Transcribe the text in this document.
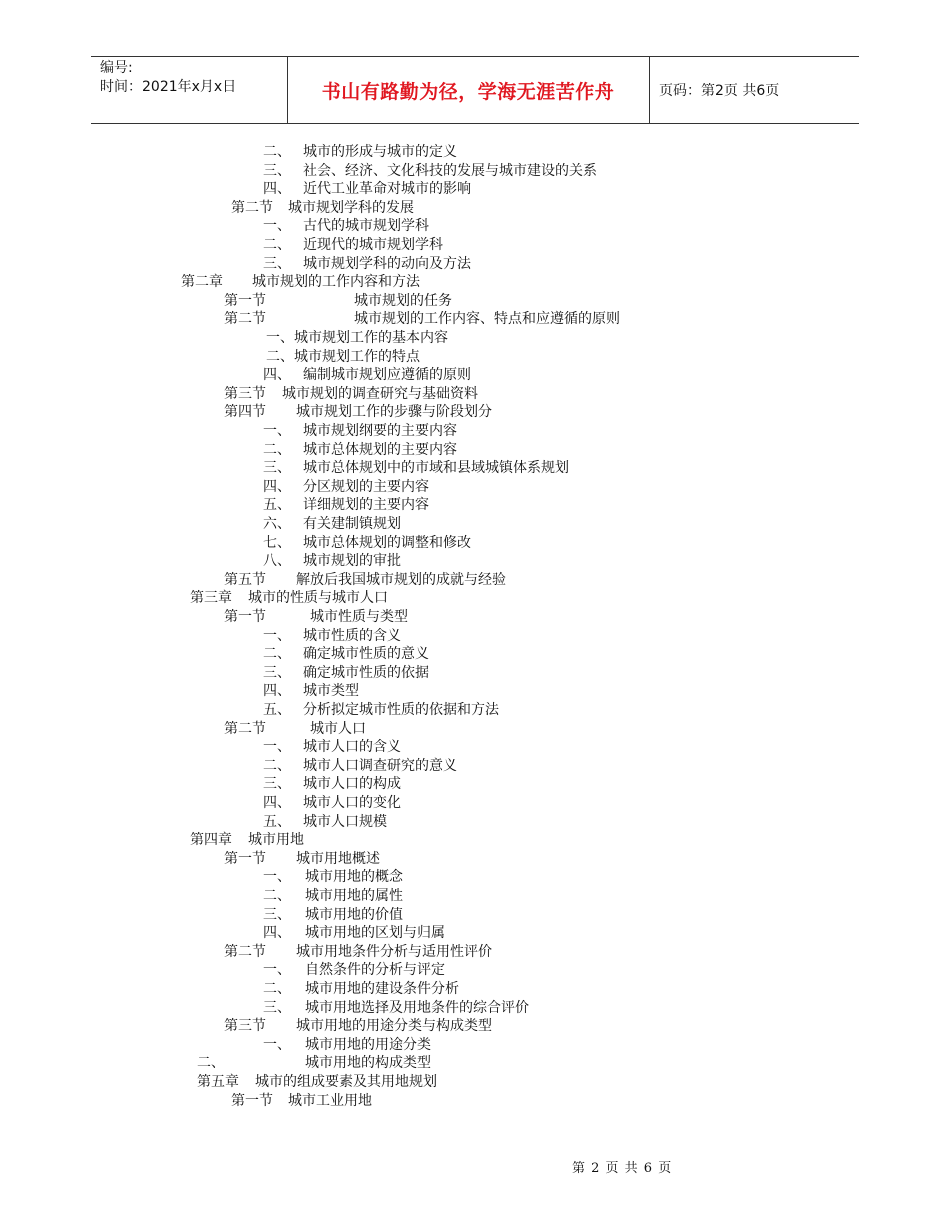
编号:
时间：2021年x月x日	书山有路勤为径，学海无涯苦作舟	页码：第2页 共6页
二、 城市的形成与城市的定义
三、 社会、经济、文化科技的发展与城市建设的关系
四、 近代工业革命对城市的影响
第二节 城市规划学科的发展
一、 古代的城市规划学科
二、 近现代的城市规划学科
三、 城市规划学科的动向及方法
第二章 城市规划的工作内容和方法
第一节	城市规划的任务
第二节	城市规划的工作内容、特点和应遵循的原则
一、城市规划工作的基本内容
二、城市规划工作的特点
四、 编制城市规划应遵循的原则
第三节 城市规划的调查研究与基础资料
第四节 城市规划工作的步骤与阶段划分
一、 城市规划纲要的主要内容
二、 城市总体规划的主要内容
三、 城市总体规划中的市域和县域城镇体系规划
四、 分区规划的主要内容
五、 详细规划的主要内容
六、 有关建制镇规划
七、 城市总体规划的调整和修改
八、 城市规划的审批
第五节 解放后我国城市规划的成就与经验
第三章 城市的性质与城市人口
第一节	城市性质与类型
一、 城市性质的含义
二、 确定城市性质的意义
三、 确定城市性质的依据
四、 城市类型
五、 分析拟定城市性质的依据和方法
第二节	城市人口
一、 城市人口的含义
二、 城市人口调查研究的意义
三、 城市人口的构成
四、 城市人口的变化
五、 城市人口规模
第四章 城市用地
第一节 城市用地概述
一、 城市用地的概念
二、 城市用地的属性
三、 城市用地的价值
四、 城市用地的区划与归属
第二节 城市用地条件分析与适用性评价
一、 自然条件的分析与评定
二、 城市用地的建设条件分析
三、 城市用地选择及用地条件的综合评价
第三节 城市用地的用途分类与构成类型
一、 城市用地的用途分类
二、	城市用地的构成类型
第五章 城市的组成要素及其用地规划
第一节 城市工业用地
第 2 页 共 6 页
